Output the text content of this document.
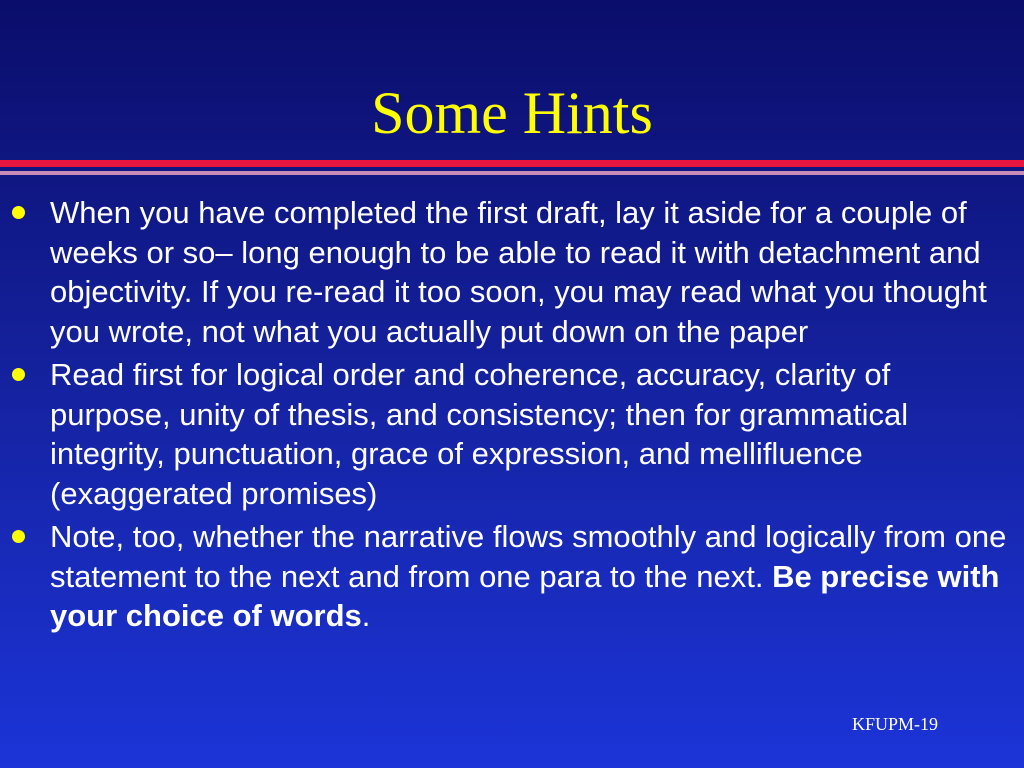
Some Hints
When you have completed the first draft, lay it aside for a couple of weeks or so– long enough to be able to read it with detachment and objectivity. If you re-read it too soon, you may read what you thought you wrote, not what you actually put down on the paper
Read first for logical order and coherence, accuracy, clarity of purpose, unity of thesis, and consistency; then for grammatical integrity, punctuation, grace of expression, and mellifluence (exaggerated promises)
Note, too, whether the narrative flows smoothly and logically from one statement to the next and from one para to the next. Be precise with your choice of words.
KFUPM-19
